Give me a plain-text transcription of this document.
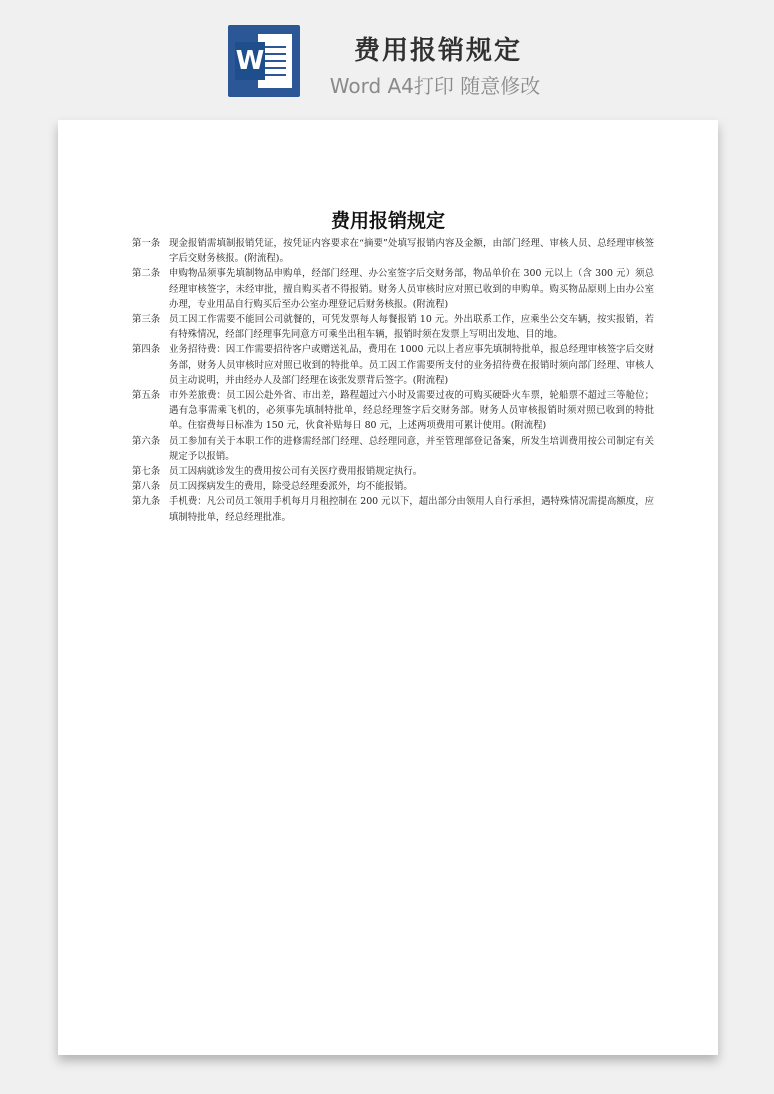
W	费用报销规定
Word A4打印 随意修改
费用报销规定
第一条 现金报销需填制报销凭证，按凭证内容要求在“摘要”处填写报销内容及金额，由部门经理、审核人员、总经理审核签字后交财务核报。(附流程)。
第二条 申购物品须事先填制物品申购单，经部门经理、办公室签字后交财务部，物品单价在 300 元以上（含 300 元）须总经理审核签字，未经审批，擅自购买者不得报销。财务人员审核时应对照已收到的申购单。购买物品原则上由办公室办理，专业用品自行购买后至办公室办理登记后财务核报。(附流程)
第三条 员工因工作需要不能回公司就餐的，可凭发票每人每餐报销 10 元。外出联系工作，应乘坐公交车辆，按实报销，若有特殊情况，经部门经理事先同意方可乘坐出租车辆，报销时须在发票上写明出发地、目的地。
第四条 业务招待费：因工作需要招待客户或赠送礼品，费用在 1000 元以上者应事先填制特批单，报总经理审核签字后交财务部，财务人员审核时应对照已收到的特批单。员工因工作需要所支付的业务招待费在报销时须向部门经理、审核人员主动说明，并由经办人及部门经理在该张发票背后签字。(附流程)
第五条 市外差旅费：员工因公赴外省、市出差，路程超过六小时及需要过夜的可购买硬卧火车票，轮船票不超过三等舱位；遇有急事需乘飞机的，必须事先填制特批单，经总经理签字后交财务部。财务人员审核报销时须对照已收到的特批单。住宿费每日标准为 150 元，伙食补贴每日 80 元，上述两项费用可累计使用。(附流程)
第六条 员工参加有关于本职工作的进修需经部门经理、总经理同意，并至管理部登记备案，所发生培训费用按公司制定有关规定予以报销。
第七条 员工因病就诊发生的费用按公司有关医疗费用报销规定执行。
第八条 员工因探病发生的费用，除受总经理委派外，均不能报销。
第九条 手机费：凡公司员工领用手机每月月租控制在 200 元以下，超出部分由领用人自行承担，遇特殊情况需提高额度，应填制特批单，经总经理批准。
